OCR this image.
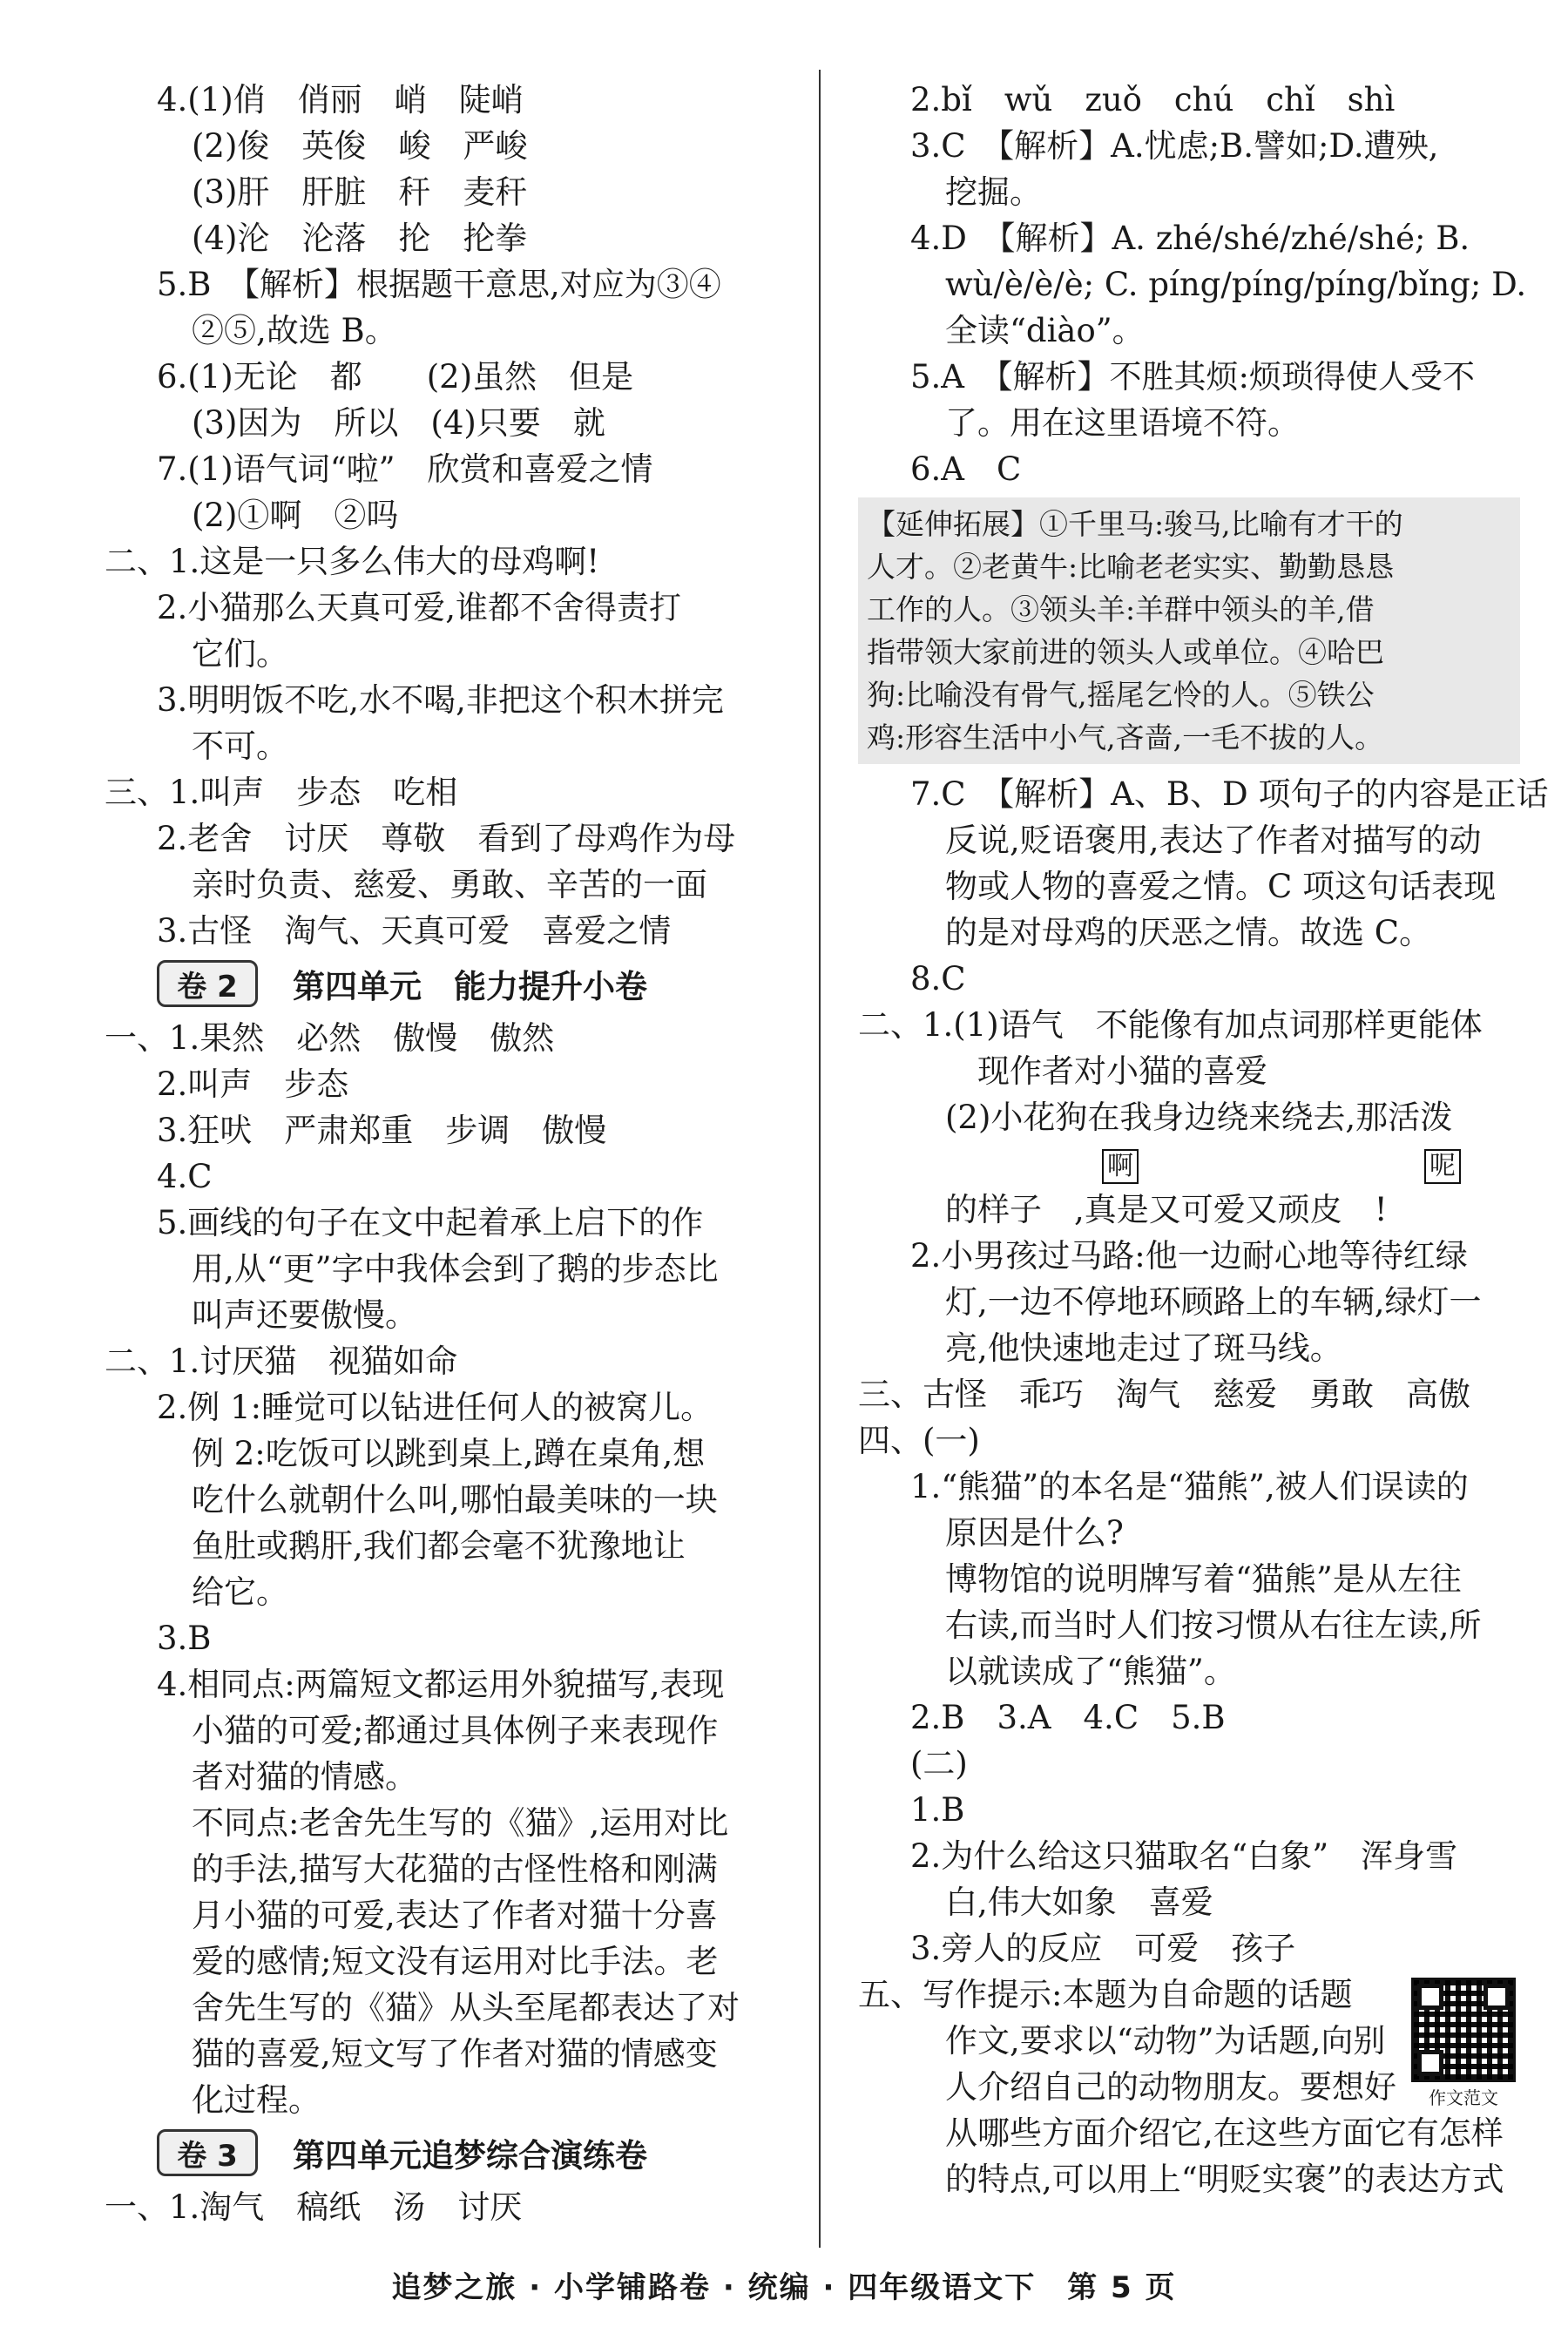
4.(1)俏　俏丽　峭　陡峭
(2)俊　英俊　峻　严峻
(3)肝　肝脏　秆　麦秆
(4)沦　沦落　抡　抡拳
5.B　【解析】根据题干意思,对应为③④
②⑤,故选 B。
6.(1)无论　都　　(2)虽然　但是
(3)因为　所以　(4)只要　就
7.(1)语气词“啦”　欣赏和喜爱之情
(2)①啊　②吗
二、1.这是一只多么伟大的母鸡啊!
2.小猫那么天真可爱,谁都不舍得责打
它们。
3.明明饭不吃,水不喝,非把这个积木拼完
不可。
三、1.叫声　步态　吃相
2.老舍　讨厌　尊敬　看到了母鸡作为母
亲时负责、慈爱、勇敢、辛苦的一面
3.古怪　淘气、天真可爱　喜爱之情
卷 2	第四单元　能力提升小卷
一、1.果然　必然　傲慢　傲然
2.叫声　步态
3.狂吠　严肃郑重　步调　傲慢
4.C
5.画线的句子在文中起着承上启下的作
用,从“更”字中我体会到了鹅的步态比
叫声还要傲慢。
二、1.讨厌猫　视猫如命
2.例 1:睡觉可以钻进任何人的被窝儿。
例 2:吃饭可以跳到桌上,蹲在桌角,想
吃什么就朝什么叫,哪怕最美味的一块
鱼肚或鹅肝,我们都会毫不犹豫地让
给它。
3.B
4.相同点:两篇短文都运用外貌描写,表现
小猫的可爱;都通过具体例子来表现作
者对猫的情感。
不同点:老舍先生写的《猫》,运用对比
的手法,描写大花猫的古怪性格和刚满
月小猫的可爱,表达了作者对猫十分喜
爱的感情;短文没有运用对比手法。老
舍先生写的《猫》从头至尾都表达了对
猫的喜爱,短文写了作者对猫的情感变
化过程。
卷 3	第四单元追梦综合演练卷
一、1.淘气　稿纸　汤　讨厌
2.bǐ　wǔ　zuǒ　chú　chǐ　shì
3.C　【解析】A.忧虑;B.譬如;D.遭殃,
挖掘。
4.D　【解析】A. zhé/shé/zhé/shé; B.
wù/è/è/è; C. píng/píng/píng/bǐng; D.
全读“diào”。
5.A　【解析】不胜其烦:烦琐得使人受不
了。用在这里语境不符。
6.A　C
【延伸拓展】①千里马:骏马,比喻有才干的
人才。②老黄牛:比喻老老实实、勤勤恳恳
工作的人。③领头羊:羊群中领头的羊,借
指带领大家前进的领头人或单位。④哈巴
狗:比喻没有骨气,摇尾乞怜的人。⑤铁公
鸡:形容生活中小气,吝啬,一毛不拔的人。
7.C　【解析】A、B、D 项句子的内容是正话
反说,贬语褒用,表达了作者对描写的动
物或人物的喜爱之情。C 项这句话表现
的是对母鸡的厌恶之情。故选 C。
8.C
二、1.(1)语气　不能像有加点词那样更能体
　现作者对小猫的喜爱
(2)小花狗在我身边绕来绕去,那活泼

啊	呢
的样子　,真是又可爱又顽皮　!
2.小男孩过马路:他一边耐心地等待红绿
灯,一边不停地环顾路上的车辆,绿灯一
亮,他快速地走过了斑马线。
三、古怪　乖巧　淘气　慈爱　勇敢　高傲
四、(一)
1.“熊猫”的本名是“猫熊”,被人们误读的
原因是什么?
博物馆的说明牌写着“猫熊”是从左往
右读,而当时人们按习惯从右往左读,所
以就读成了“熊猫”。
2.B　3.A　4.C　5.B
(二)
1.B
2.为什么给这只猫取名“白象”　浑身雪
白,伟大如象　喜爱
3.旁人的反应　可爱　孩子
五、写作提示:本题为自命题的话题
作文,要求以“动物”为话题,向别
人介绍自己的动物朋友。要想好
从哪些方面介绍它,在这些方面它有怎样
的特点,可以用上“明贬实褒”的表达方式
作文范文
追梦之旅 · 小学铺路卷 · 统编 · 四年级语文下　第 5 页
